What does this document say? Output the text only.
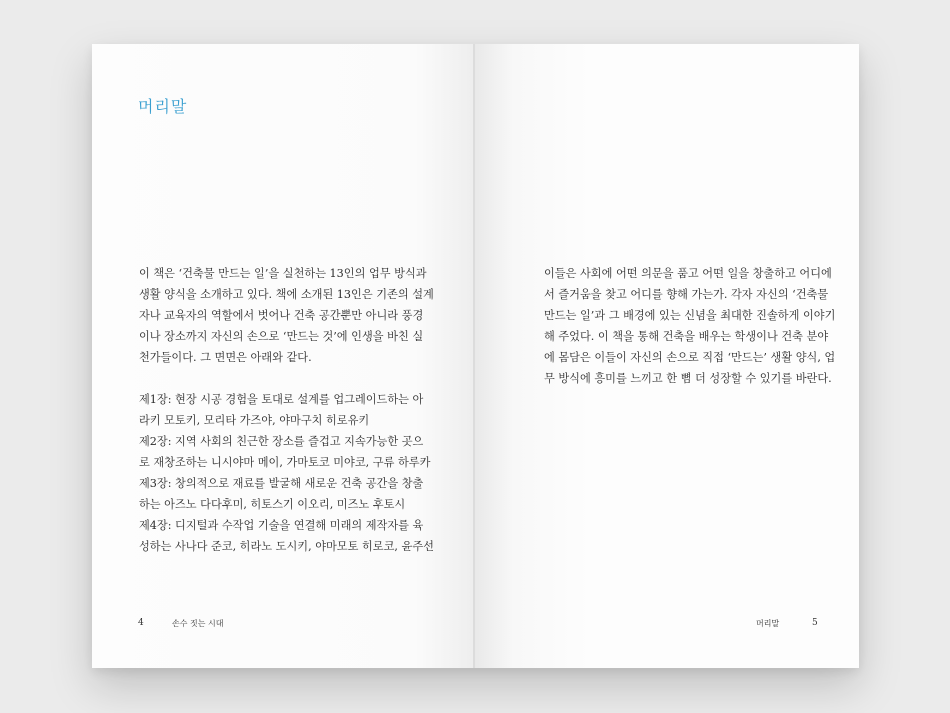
머리말

이 책은 ‘건축물 만드는 일’을 실천하는 13인의 업무 방식과
생활 양식을 소개하고 있다. 책에 소개된 13인은 기존의 설계
자나 교육자의 역할에서 벗어나 건축 공간뿐만 아니라 풍경
이나 장소까지 자신의 손으로 ‘만드는 것’에 인생을 바친 실
천가들이다. 그 면면은 아래와 같다.

제1장: 현장 시공 경험을 토대로 설계를 업그레이드하는 아
라키 모토키, 모리타 가즈야, 야마구치 히로유키
제2장: 지역 사회의 친근한 장소를 즐겁고 지속가능한 곳으
로 재창조하는 니시야마 메이, 가마토코 미야코, 구류 하루카
제3장: 창의적으로 재료를 발굴해 새로운 건축 공간을 창출
하는 아즈노 다다후미, 히토스기 이오리, 미즈노 후토시
제4장: 디지털과 수작업 기술을 연결해 미래의 제작자를 육
성하는 사나다 준코, 히라노 도시키, 야마모토 히로코, 윤주선

4	손수 짓는 시대

이들은 사회에 어떤 의문을 품고 어떤 일을 창출하고 어디에
서 즐거움을 찾고 어디를 향해 가는가. 각자 자신의 ‘건축물
만드는 일’과 그 배경에 있는 신념을 최대한 진솔하게 이야기
해 주었다. 이 책을 통해 건축을 배우는 학생이나 건축 분야
에 몸담은 이들이 자신의 손으로 직접 ‘만드는’ 생활 양식, 업
무 방식에 흥미를 느끼고 한 뼘 더 성장할 수 있기를 바란다.

머리말	5
